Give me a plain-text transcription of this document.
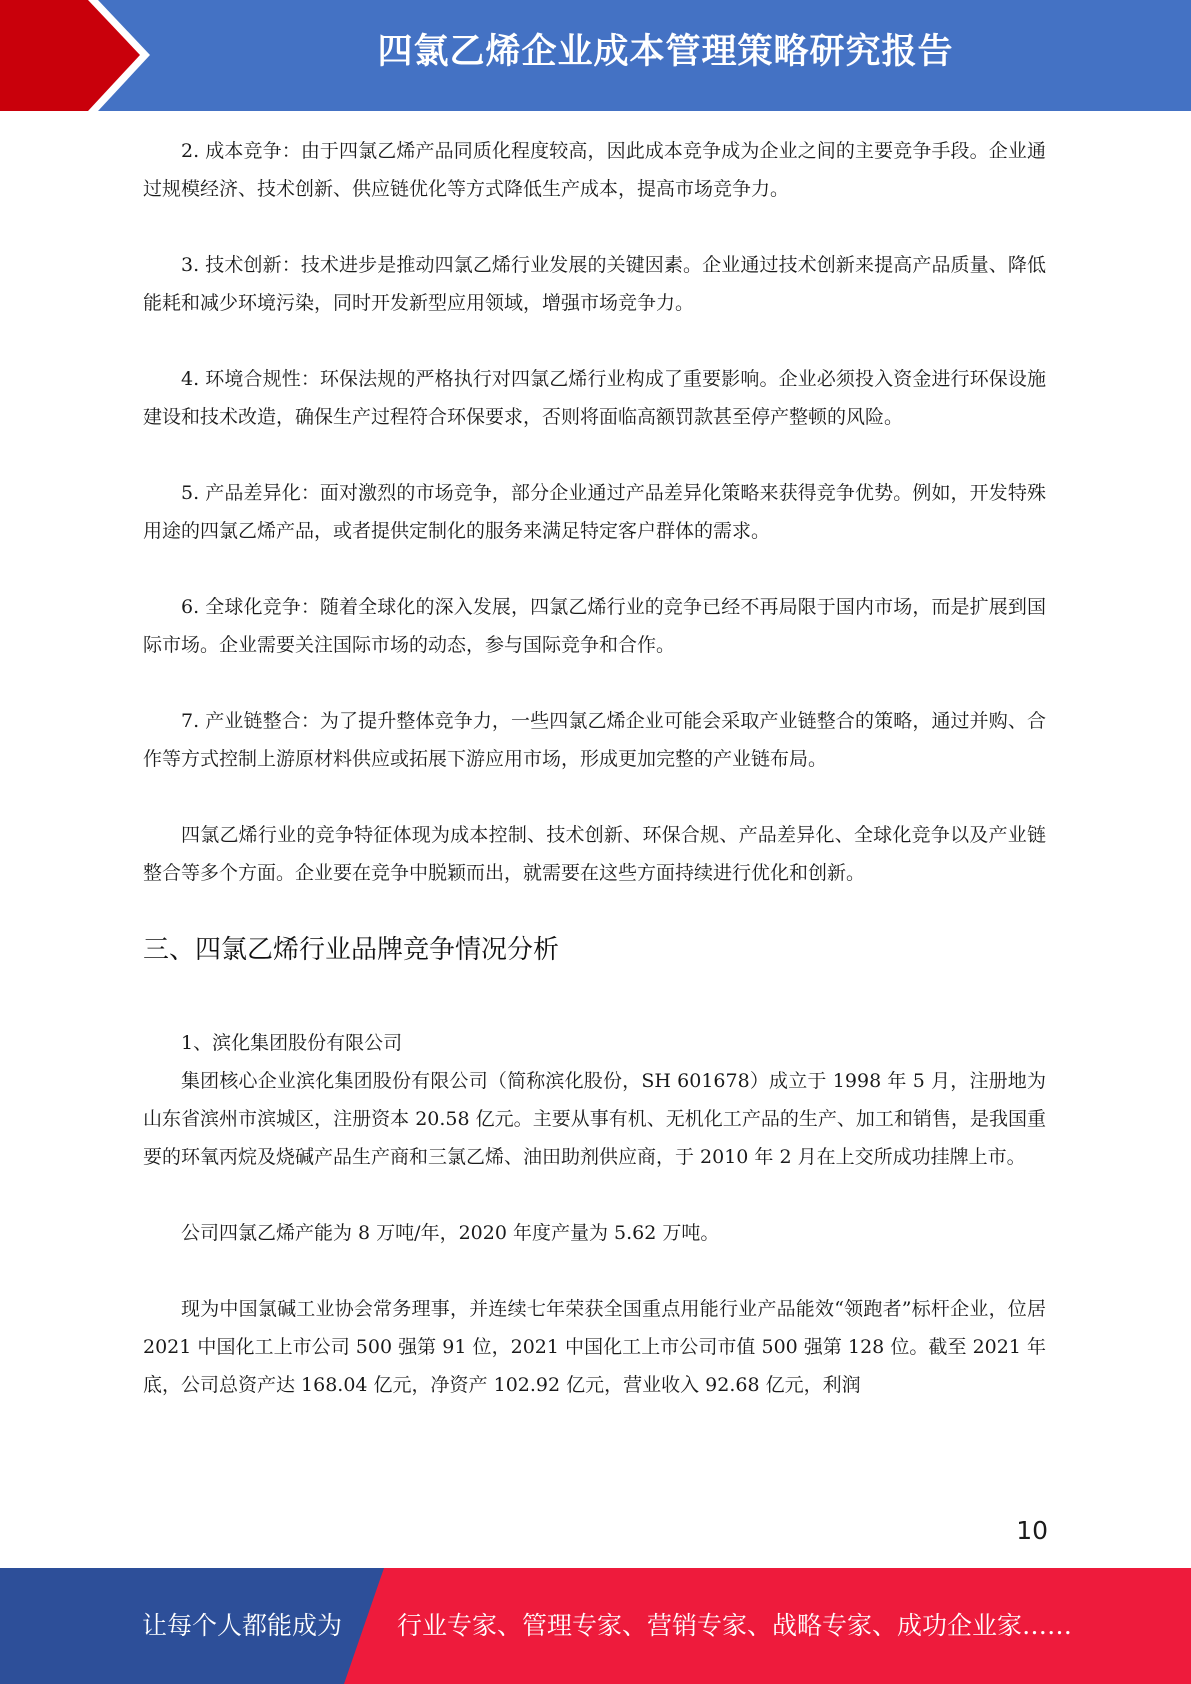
四氯乙烯企业成本管理策略研究报告

2. 成本竞争：由于四氯乙烯产品同质化程度较高，因此成本竞争成为企业之间的主要竞争手段。企业通过规模经济、技术创新、供应链优化等方式降低生产成本，提高市场竞争力。

3. 技术创新：技术进步是推动四氯乙烯行业发展的关键因素。企业通过技术创新来提高产品质量、降低能耗和减少环境污染，同时开发新型应用领域，增强市场竞争力。

4. 环境合规性：环保法规的严格执行对四氯乙烯行业构成了重要影响。企业必须投入资金进行环保设施建设和技术改造，确保生产过程符合环保要求，否则将面临高额罚款甚至停产整顿的风险。

5. 产品差异化：面对激烈的市场竞争，部分企业通过产品差异化策略来获得竞争优势。例如，开发特殊用途的四氯乙烯产品，或者提供定制化的服务来满足特定客户群体的需求。

6. 全球化竞争：随着全球化的深入发展，四氯乙烯行业的竞争已经不再局限于国内市场，而是扩展到国际市场。企业需要关注国际市场的动态，参与国际竞争和合作。

7. 产业链整合：为了提升整体竞争力，一些四氯乙烯企业可能会采取产业链整合的策略，通过并购、合作等方式控制上游原材料供应或拓展下游应用市场，形成更加完整的产业链布局。

四氯乙烯行业的竞争特征体现为成本控制、技术创新、环保合规、产品差异化、全球化竞争以及产业链整合等多个方面。企业要在竞争中脱颖而出，就需要在这些方面持续进行优化和创新。

三、四氯乙烯行业品牌竞争情况分析

1、滨化集团股份有限公司

集团核心企业滨化集团股份有限公司（简称滨化股份，SH 601678）成立于 1998 年 5 月，注册地为山东省滨州市滨城区，注册资本 20.58 亿元。主要从事有机、无机化工产品的生产、加工和销售，是我国重要的环氧丙烷及烧碱产品生产商和三氯乙烯、油田助剂供应商，于 2010 年 2 月在上交所成功挂牌上市。

公司四氯乙烯产能为 8 万吨/年，2020 年度产量为 5.62 万吨。

现为中国氯碱工业协会常务理事，并连续七年荣获全国重点用能行业产品能效“领跑者”标杆企业，位居 2021 中国化工上市公司 500 强第 91 位，2021 中国化工上市公司市值 500 强第 128 位。截至 2021 年底，公司总资产达 168.04 亿元，净资产 102.92 亿元，营业收入 92.68 亿元，利润

10
让每个人都能成为 行业专家、管理专家、营销专家、战略专家、成功企业家……
